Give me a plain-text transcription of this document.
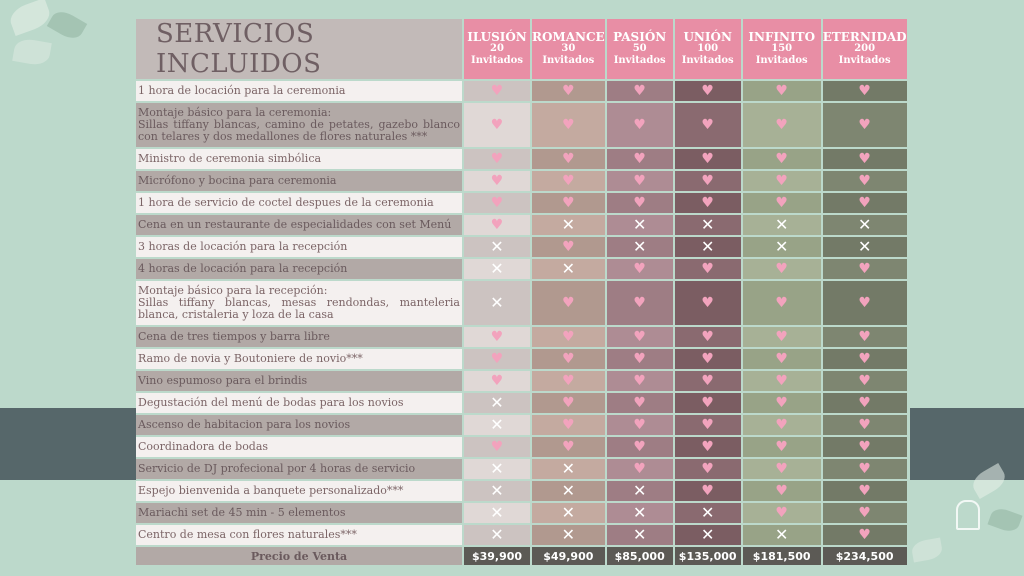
SERVICIOS INCLUIDOS	ILUSIÓN
20
Invitados	ROMANCE
30
Invitados	PASIÓN
50
Invitados	UNIÓN
100
Invitados	INFINITO
150
Invitados	ETERNIDAD
200
Invitados

1 hora de locación para la ceremonia	♥	♥	♥	♥	♥	♥

Montaje básico para la ceremonia:
Sillas tiffany blancas, camino de petates, gazebo blanco con telares y dos medallones de flores naturales ***	♥	♥	♥	♥	♥	♥

Ministro de ceremonia simbólica	♥	♥	♥	♥	♥	♥

Micrófono y bocina para ceremonia	♥	♥	♥	♥	♥	♥

1 hora de servicio de coctel despues de la ceremonia	♥	♥	♥	♥	♥	♥

Cena en un restaurante de especialidades con set Menú	♥	✕	✕	✕	✕	✕

3 horas de locación para la recepción	✕	♥	✕	✕	✕	✕

4 horas de locación para la recepción	✕	✕	♥	♥	♥	♥

Montaje básico para la recepción:
Sillas tiffany blancas, mesas rendondas, manteleria blanca, cristaleria y loza de la casa	✕	♥	♥	♥	♥	♥

Cena de tres tiempos y barra libre	♥	♥	♥	♥	♥	♥

Ramo de novia y Boutoniere de novio***	♥	♥	♥	♥	♥	♥

Vino espumoso para el brindis	♥	♥	♥	♥	♥	♥

Degustación del menú de bodas para los novios	✕	♥	♥	♥	♥	♥

Ascenso de habitacion para los novios	✕	♥	♥	♥	♥	♥

Coordinadora de bodas	♥	♥	♥	♥	♥	♥

Servicio de DJ profecional por 4 horas de servicio	✕	✕	♥	♥	♥	♥

Espejo bienvenida a banquete personalizado***	✕	✕	✕	♥	♥	♥

Mariachi set de 45 min - 5 elementos	✕	✕	✕	✕	♥	♥

Centro de mesa con flores naturales***	✕	✕	✕	✕	✕	♥
Precio de Venta	$39,900	$49,900	$85,000	$135,000	$181,500	$234,500
